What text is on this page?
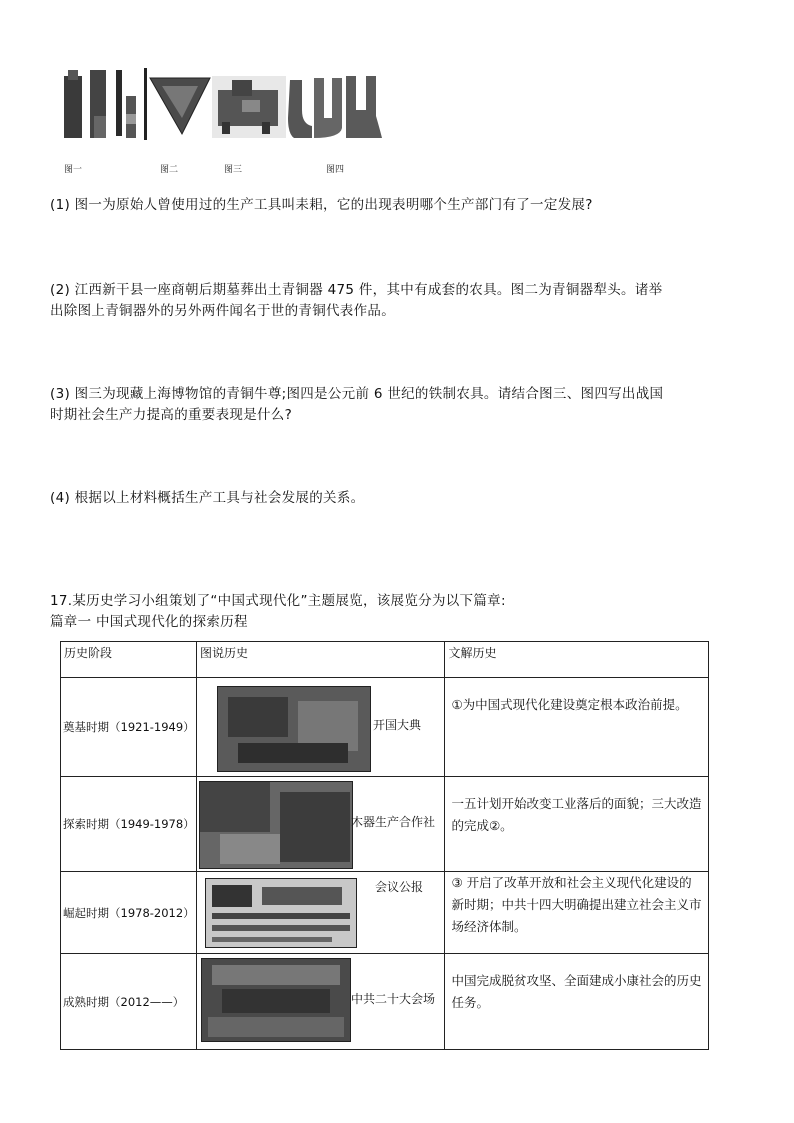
图一	图二	图三	图四
(1) 图一为原始人曾使用过的生产工具叫耒耜，它的出现表明哪个生产部门有了一定发展?
(2) 江西新干县一座商朝后期墓葬出土青铜器 475 件，其中有成套的农具。图二为青铜器犁头。诸举
出除图上青铜器外的另外两件闻名于世的青铜代表作品。
(3) 图三为现藏上海博物馆的青铜牛尊;图四是公元前 6 世纪的铁制农具。请结合图三、图四写出战国
时期社会生产力提高的重要表现是什么?
(4) 根据以上材料概括生产工具与社会发展的关系。
17.某历史学习小组策划了“中国式现代化”主题展览，该展览分为以下篇章:
篇章一 中国式现代化的探索历程
历史阶段	图说历史	文解历史
奠基时期（1921-1949）	开国大典	①为中国式现代化建设奠定根本政治前提。
探索时期（1949-1978）	木器生产合作社	一五计划开始改变工业落后的面貌；三大改造的完成②。
崛起时期（1978-2012）	会议公报	③ 开启了改革开放和社会主义现代化建设的新时期；中共十四大明确提出建立社会主义市场经济体制。
成熟时期（2012——）	中共二十大会场	中国完成脱贫攻坚、全面建成小康社会的历史任务。
